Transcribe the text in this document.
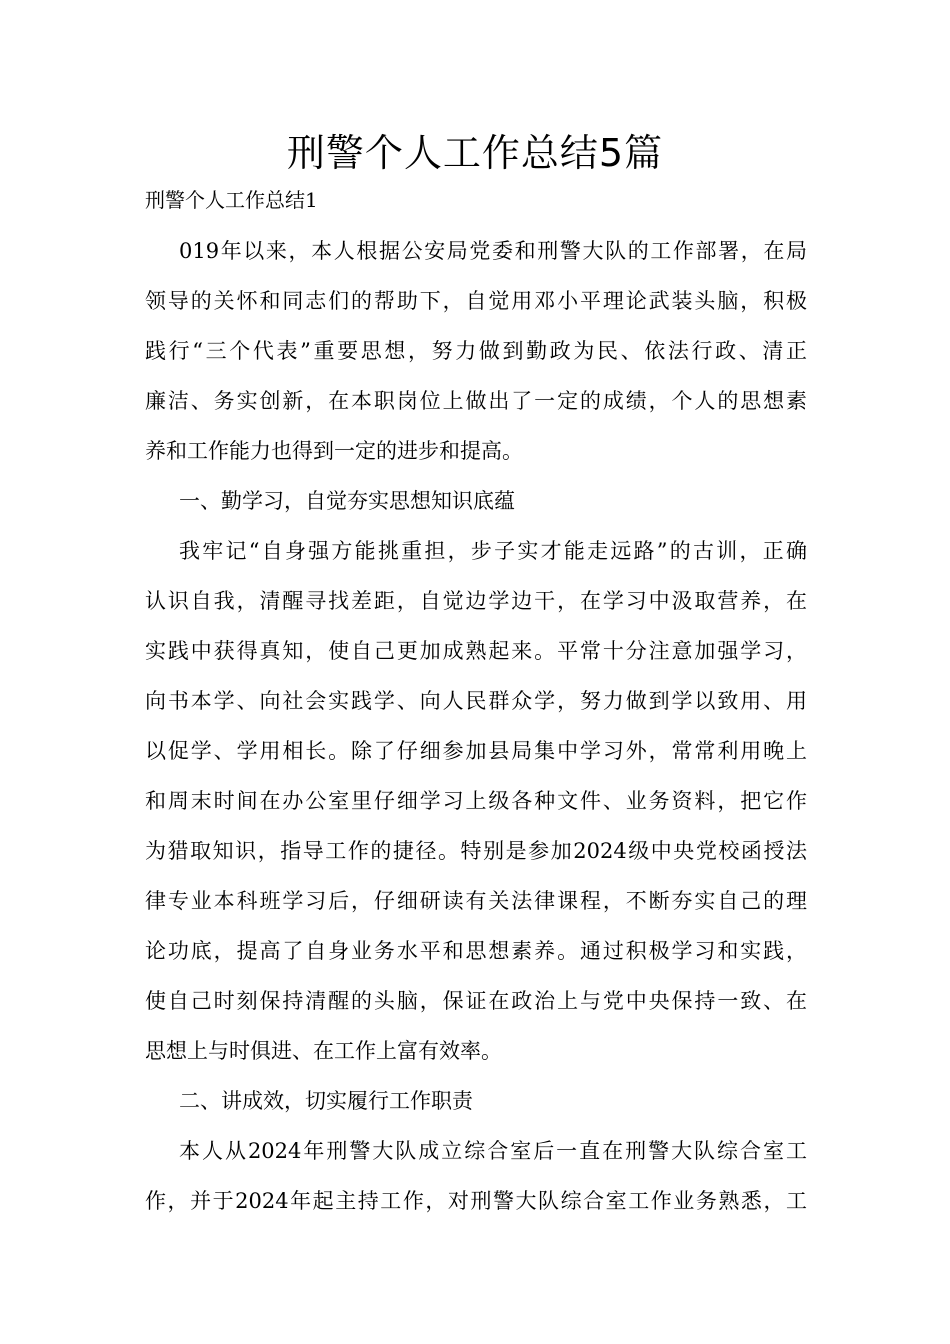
刑警个人工作总结5篇

刑警个人工作总结1

019年以来，本人根据公安局党委和刑警大队的工作部署，在局

领导的关怀和同志们的帮助下，自觉用邓小平理论武装头脑，积极

践行“三个代表”重要思想，努力做到勤政为民、依法行政、清正

廉洁、务实创新，在本职岗位上做出了一定的成绩，个人的思想素

养和工作能力也得到一定的进步和提高。

一、勤学习，自觉夯实思想知识底蕴

我牢记“自身强方能挑重担，步子实才能走远路”的古训，正确

认识自我，清醒寻找差距，自觉边学边干，在学习中汲取营养，在

实践中获得真知，使自己更加成熟起来。平常十分注意加强学习，

向书本学、向社会实践学、向人民群众学，努力做到学以致用、用

以促学、学用相长。除了仔细参加县局集中学习外，常常利用晚上

和周末时间在办公室里仔细学习上级各种文件、业务资料，把它作

为猎取知识，指导工作的捷径。特别是参加2024级中央党校函授法

律专业本科班学习后，仔细研读有关法律课程，不断夯实自己的理

论功底，提高了自身业务水平和思想素养。通过积极学习和实践，

使自己时刻保持清醒的头脑，保证在政治上与党中央保持一致、在

思想上与时俱进、在工作上富有效率。

二、讲成效，切实履行工作职责

本人从2024年刑警大队成立综合室后一直在刑警大队综合室工

作，并于2024年起主持工作，对刑警大队综合室工作业务熟悉，工
